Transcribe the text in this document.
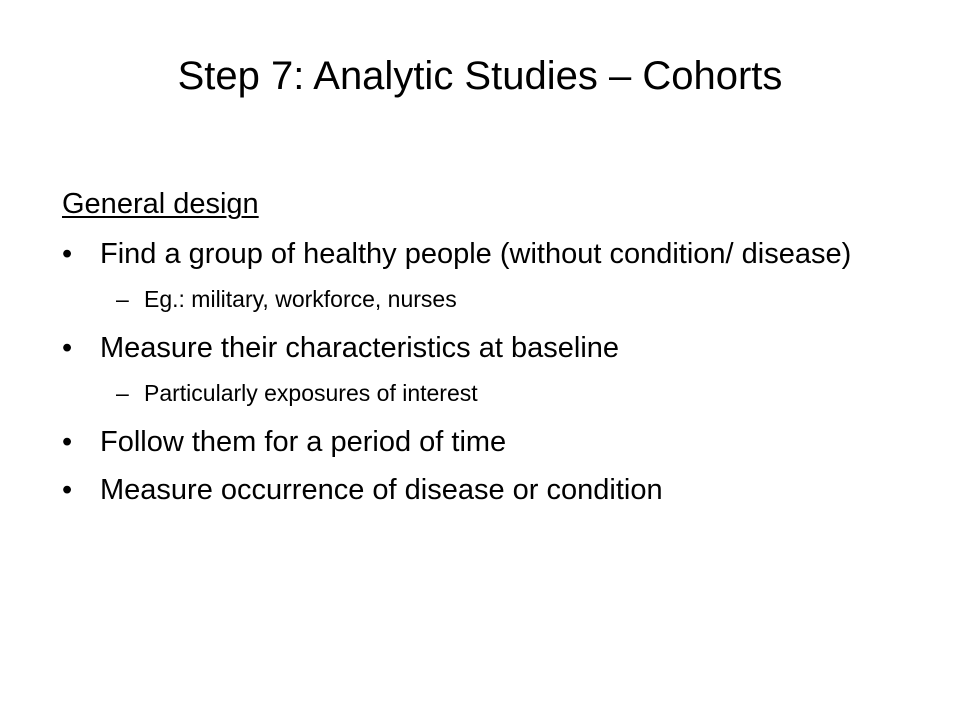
Step 7: Analytic Studies – Cohorts
General design
• Find a group of healthy people (without condition/ disease)
– Eg.: military, workforce, nurses
• Measure their characteristics at baseline
– Particularly exposures of interest
• Follow them for a period of time
• Measure occurrence of disease or condition
